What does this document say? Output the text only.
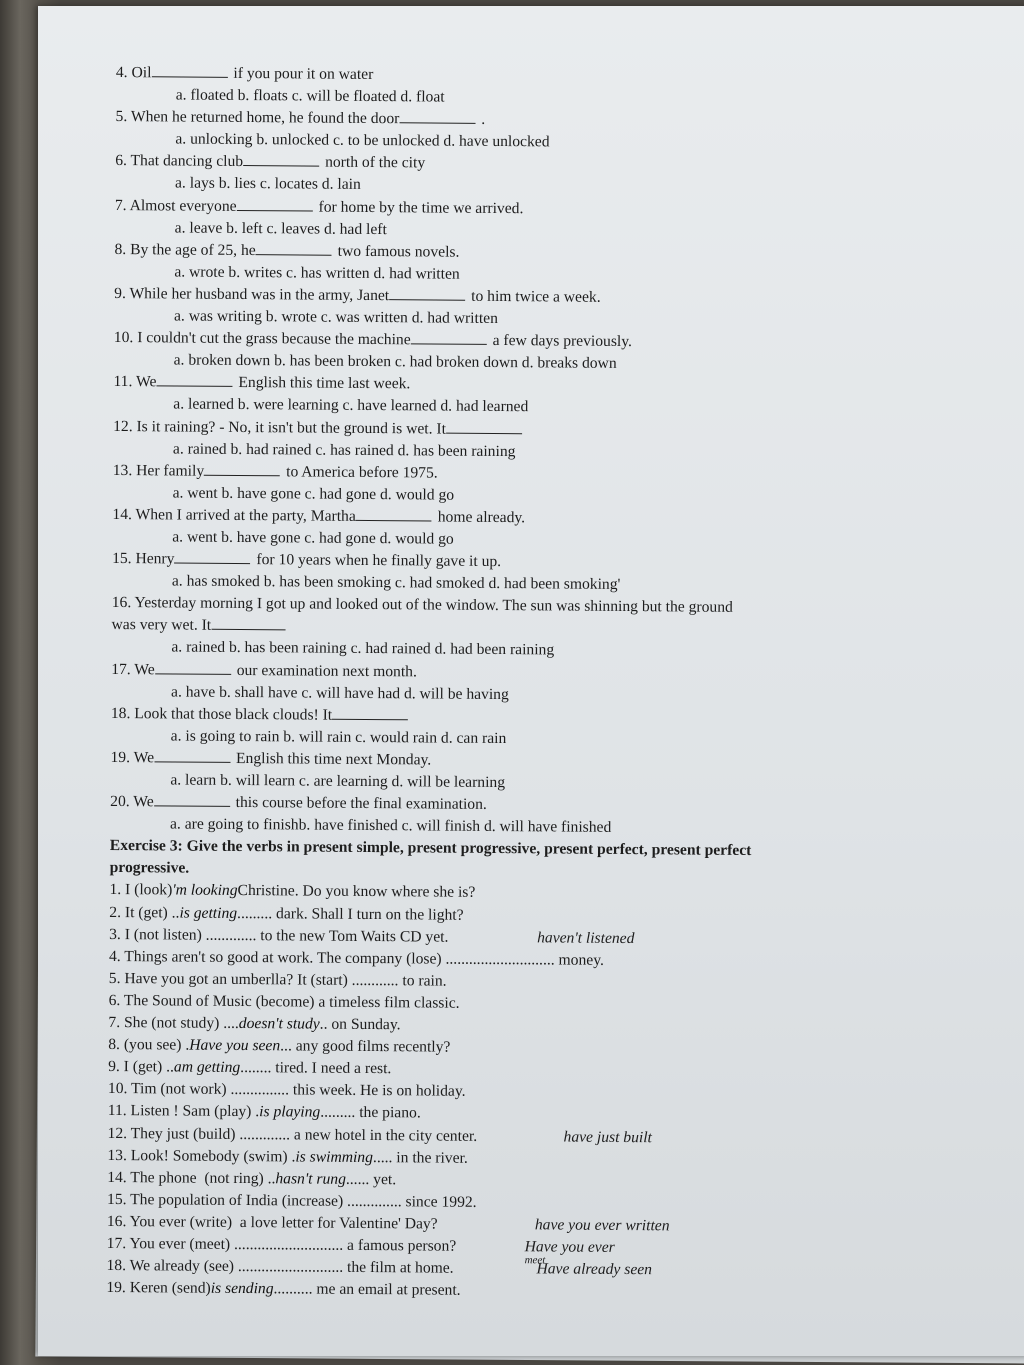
4. Oil	if you pour it on water
a. floated b. floats c. will be floated d. float
5. When he returned home, he found the door	.
a. unlocking b. unlocked c. to be unlocked d. have unlocked
6. That dancing club	north of the city
a. lays b. lies c. locates d. lain
7. Almost everyone	for home by the time we arrived.
a. leave b. left c. leaves d. had left
8. By the age of 25, he	two famous novels.
a. wrote b. writes c. has written d. had written
9. While her husband was in the army, Janet	to him twice a week.
a. was writing b. wrote c. was written d. had written
10. I couldn't cut the grass because the machine	a few days previously.
a. broken down b. has been broken c. had broken down d. breaks down
11. We	English this time last week.
a. learned b. were learning c. have learned d. had learned
12. Is it raining? - No, it isn't but the ground is wet. It
a. rained b. had rained c. has rained d. has been raining
13. Her family	to America before 1975.
a. went b. have gone c. had gone d. would go
14. When I arrived at the party, Martha	home already.
a. went b. have gone c. had gone d. would go
15. Henry	for 10 years when he finally gave it up.
a. has smoked b. has been smoking c. had smoked d. had been smoking'
16. Yesterday morning I got up and looked out of the window. The sun was shinning but the ground
was very wet. It
a. rained b. has been raining c. had rained d. had been raining
17. We	our examination next month.
a. have b. shall have c. will have had d. will be having
18. Look that those black clouds! It
a. is going to rain b. will rain c. would rain d. can rain
19. We	English this time next Monday.
a. learn b. will learn c. are learning d. will be learning
20. We	this course before the final examination.
a. are going to finishb. have finished c. will finish d. will have finished
Exercise 3: Give the verbs in present simple, present progressive, present perfect, present perfect
progressive.
1. I (look)'m lookingChristine. Do you know where she is?
2. It (get) ..is getting......... dark. Shall I turn on the light?
3. I (not listen) ............. to the new Tom Waits CD yet.	haven't listened
4. Things aren't so good at work. The company (lose) ............................ money.
5. Have you got an umberlla? It (start) ............ to rain.
6. The Sound of Music (become) a timeless film classic.
7. She (not study) ....doesn't study.. on Sunday.
8. (you see) .Have you seen... any good films recently?
9. I (get) ..am getting........ tired. I need a rest.
10. Tim (not work) ............... this week. He is on holiday.
11. Listen ! Sam (play) .is playing......... the piano.
12. They just (build) ............. a new hotel in the city center.	have just built
13. Look! Somebody (swim) .is swimming..... in the river.
14. The phone  (not ring) ..hasn't rung...... yet.
15. The population of India (increase) .............. since 1992.
16. You ever (write)  a love letter for Valentine' Day?	have you ever written
17. You ever (meet) ............................ a famous person?	Have you ever
meet
18. We already (see) ........................... the film at home.	Have already seen
19. Keren (send)is sending.......... me an email at present.
